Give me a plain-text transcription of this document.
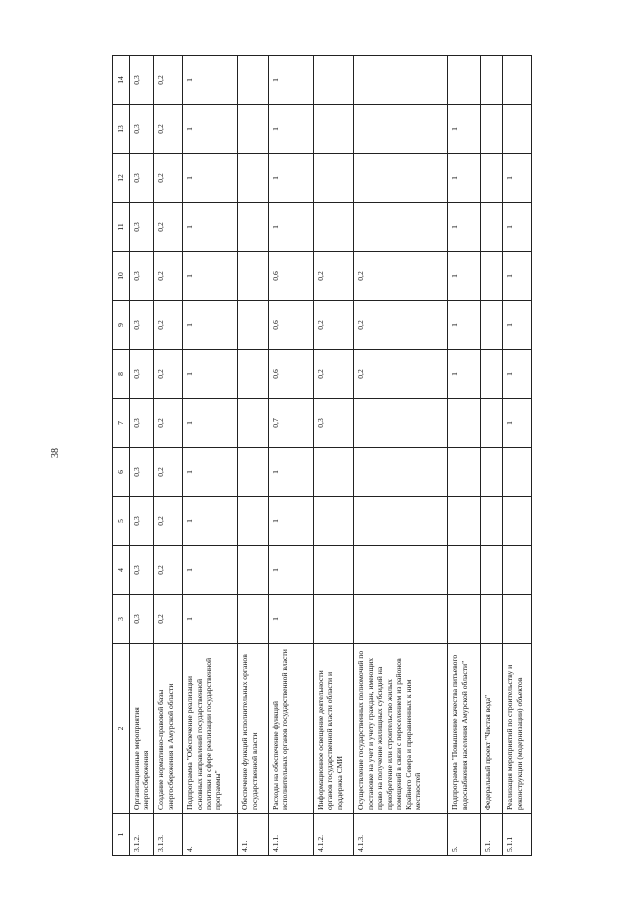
38
1	2	3	4	5	6	7	8	9	10	11	12	13	14
3.1.2.	Организационные мероприятия энергосбережения	0,3	0,3	0,3	0,3	0,3	0,3	0,3	0,3	0,3	0,3	0,3	0,3
3.1.3.	Создание нормативно-правовой базы энергосбережения в Амурской области	0,2	0,2	0,2	0,2	0,2	0,2	0,2	0,2	0,2	0,2	0,2	0,2
4.	Подпрограмма "Обеспечение реализации основных направлений государственной политики в сфере реализации государственной программы"	1	1	1	1	1	1	1	1	1	1	1	1
4.1.	Обеспечение функций исполнительных органов государственной власти												
4.1.1.	Расходы на обеспечение функций исполнительных органов государственной власти	1	1	1	1	0,7	0,6	0,6	0,6	1	1	1	1
4.1.2.	Информационное освещение деятельности органов государственной власти области и поддержка СМИ					0,3	0,2	0,2	0,2				
4.1.3.	Осуществление государственных полномочий по постановке на учет и учету граждан, имеющих право на получение жилищных субсидий на приобретение или строительство жилых помещений в связи с переселением из районов Крайнего Севера и приравненных к ним местностей						0,2	0,2	0,2				
5.	Подпрограмма "Повышение качества питьевого водоснабжения населения Амурской области"						1	1	1	1	1	1	
5.1.	Федеральный проект "Чистая вода"												
5.1.1	Реализация мероприятий по строительству и реконструкции (модернизации) объектов					1	1	1	1	1	1		
